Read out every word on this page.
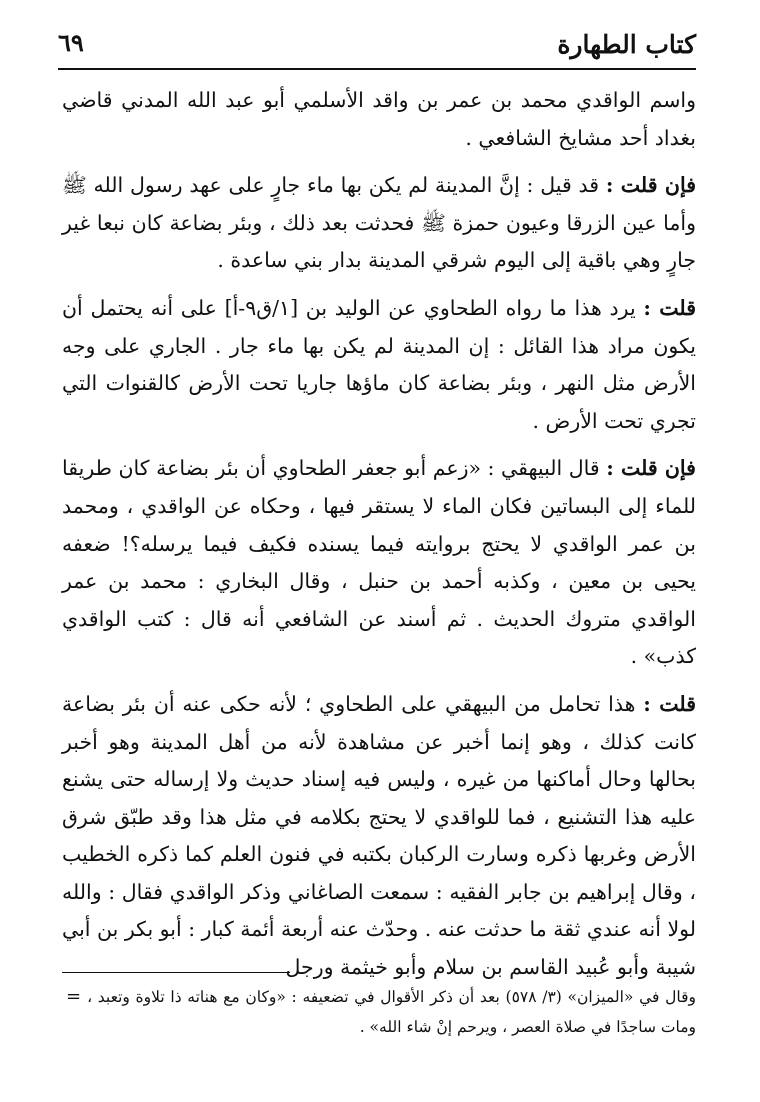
كتاب الطهارة
٦٩

واسم الواقدي محمد بن عمر بن واقد الأسلمي أبو عبد الله المدني قاضي بغداد أحد مشايخ الشافعي .

فإن قلت : قد قيل : إنَّ المدينة لم يكن بها ماء جارٍ على عهد رسول الله ﷺ وأما عين الزرقا وعيون حمزة ﷺ فحدثت بعد ذلك ، وبئر بضاعة كان نبعا غير جارٍ وهي باقية إلى اليوم شرقي المدينة بدار بني ساعدة .

قلت : يرد هذا ما رواه الطحاوي عن الوليد بن [١/ق٩-أ] على أنه يحتمل أن يكون مراد هذا القائل : إن المدينة لم يكن بها ماء جار . الجاري على وجه الأرض مثل النهر ، وبئر بضاعة كان ماؤها جاريا تحت الأرض كالقنوات التي تجري تحت الأرض .

فإن قلت : قال البيهقي : «زعم أبو جعفر الطحاوي أن بئر بضاعة كان طريقا للماء إلى البساتين فكان الماء لا يستقر فيها ، وحكاه عن الواقدي ، ومحمد بن عمر الواقدي لا يحتج بروايته فيما يسنده فكيف فيما يرسله؟! ضعفه يحيى بن معين ، وكذبه أحمد بن حنبل ، وقال البخاري : محمد بن عمر الواقدي متروك الحديث . ثم أسند عن الشافعي أنه قال : كتب الواقدي كذب» .

قلت : هذا تحامل من البيهقي على الطحاوي ؛ لأنه حكى عنه أن بئر بضاعة كانت كذلك ، وهو إنما أخبر عن مشاهدة لأنه من أهل المدينة وهو أخبر بحالها وحال أماكنها من غيره ، وليس فيه إسناد حديث ولا إرساله حتى يشنع عليه هذا التشنيع ، فما للواقدي لا يحتج بكلامه في مثل هذا وقد طبّق شرق الأرض وغربها ذكره وسارت الركبان بكتبه في فنون العلم كما ذكره الخطيب ، وقال إبراهيم بن جابر الفقيه : سمعت الصاغاني وذكر الواقدي فقال : والله لولا أنه عندي ثقة ما حدثت عنه . وحدّث عنه أربعة أئمة كبار : أبو بكر بن أبي شيبة وأبو عُبيد القاسم بن سلام وأبو خيثمة ورجل

= وقال في «الميزان» (٣/ ٥٧٨) بعد أن ذكر الأقوال في تضعيفه : «وكان مع هناته ذا تلاوة وتعبد ، ومات ساجدًا في صلاة العصر ، ويرحم إنْ شاء الله» .
